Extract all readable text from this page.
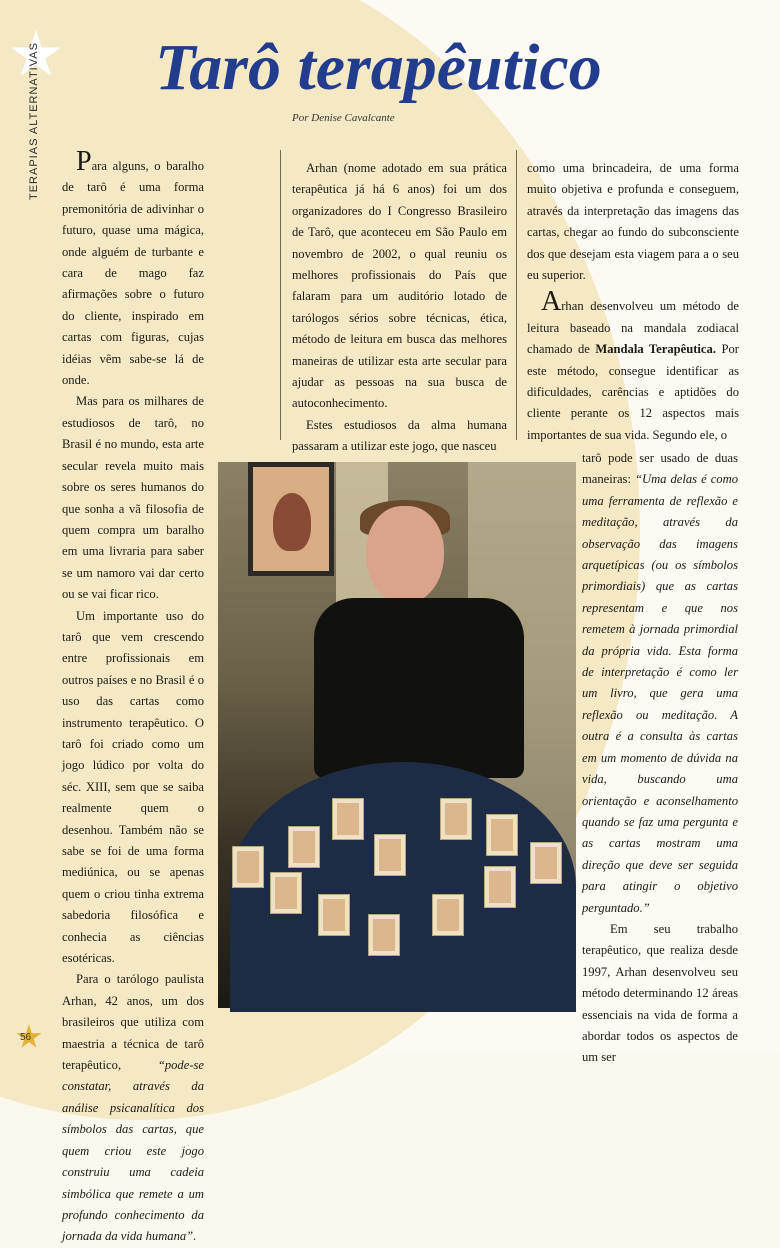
TERAPIAS ALTERNATIVAS Tarô terapêutico
Por Denise Cavalcante

Para alguns, o baralho de tarô é uma forma premonitória de adivinhar o futuro, quase uma mágica, onde alguém de turbante e cara de mago faz afirmações sobre o futuro do cliente, inspirado em cartas com figuras, cujas idéias vêm sabe-se lá de onde.

Mas para os milhares de estudiosos de tarô, no Brasil é no mundo, esta arte secular revela muito mais sobre os seres humanos do que sonha a vã filosofia de quem compra um baralho em uma livraria para saber se um namoro vai dar certo ou se vai ficar rico.

Um importante uso do tarô que vem crescendo entre profissionais em outros países e no Brasil é o uso das cartas como instrumento terapêutico. O tarô foi criado como um jogo lúdico por volta do séc. XIII, sem que se saiba realmente quem o desenhou. Também não se sabe se foi de uma forma mediúnica, ou se apenas quem o criou tinha extrema sabedoria filosófica e conhecia as ciências esotéricas.

Para o tarólogo paulista Arhan, 42 anos, um dos brasileiros que utiliza com maestria a técnica de tarô terapêutico, “pode-se constatar, através da análise psicanalítica dos símbolos das cartas, que quem criou este jogo construiu uma cadeia simbólica que remete a um profundo conhecimento da jornada da vida humana”.

Arhan (nome adotado em sua prática terapêutica já há 6 anos) foi um dos organizadores do I Congresso Brasileiro de Tarô, que aconteceu em São Paulo em novembro de 2002, o qual reuniu os melhores profissionais do País que falaram para um auditório lotado de tarólogos sérios sobre técnicas, ética, método de leitura em busca das melhores maneiras de utilizar esta arte secular para ajudar as pessoas na sua busca de autoconhecimento.

Estes estudiosos da alma humana passaram a utilizar este jogo, que nasceu

como uma brincadeira, de uma forma muito objetiva e profunda e conseguem, através da interpretação das imagens das cartas, chegar ao fundo do subconsciente dos que desejam esta viagem para a o seu eu superior.

Arhan desenvolveu um método de leitura baseado na mandala zodiacal chamado de Mandala Terapêutica. Por este método, consegue identificar as dificuldades, carências e aptidões do cliente perante os 12 aspectos mais importantes de sua vida. Segundo ele, o

tarô pode ser usado de duas maneiras: “Uma delas é como uma ferramenta de reflexão e meditação, através da observação das imagens arquetípicas (ou os símbolos primordiais) que as cartas representam e que nos remetem à jornada primordial da própria vida. Esta forma de interpretação é como ler um livro, que gera uma reflexão ou meditação. A outra é a consulta às cartas em um momento de dúvida na vida, buscando uma orientação e aconselhamento quando se faz uma pergunta e as cartas mostram uma direção que deve ser seguida para atingir o objetivo perguntado.”

Em seu trabalho terapêutico, que realiza desde 1997, Arhan desenvolveu seu método determinando 12 áreas essenciais na vida de forma a abordar todos os aspectos de um ser

56
